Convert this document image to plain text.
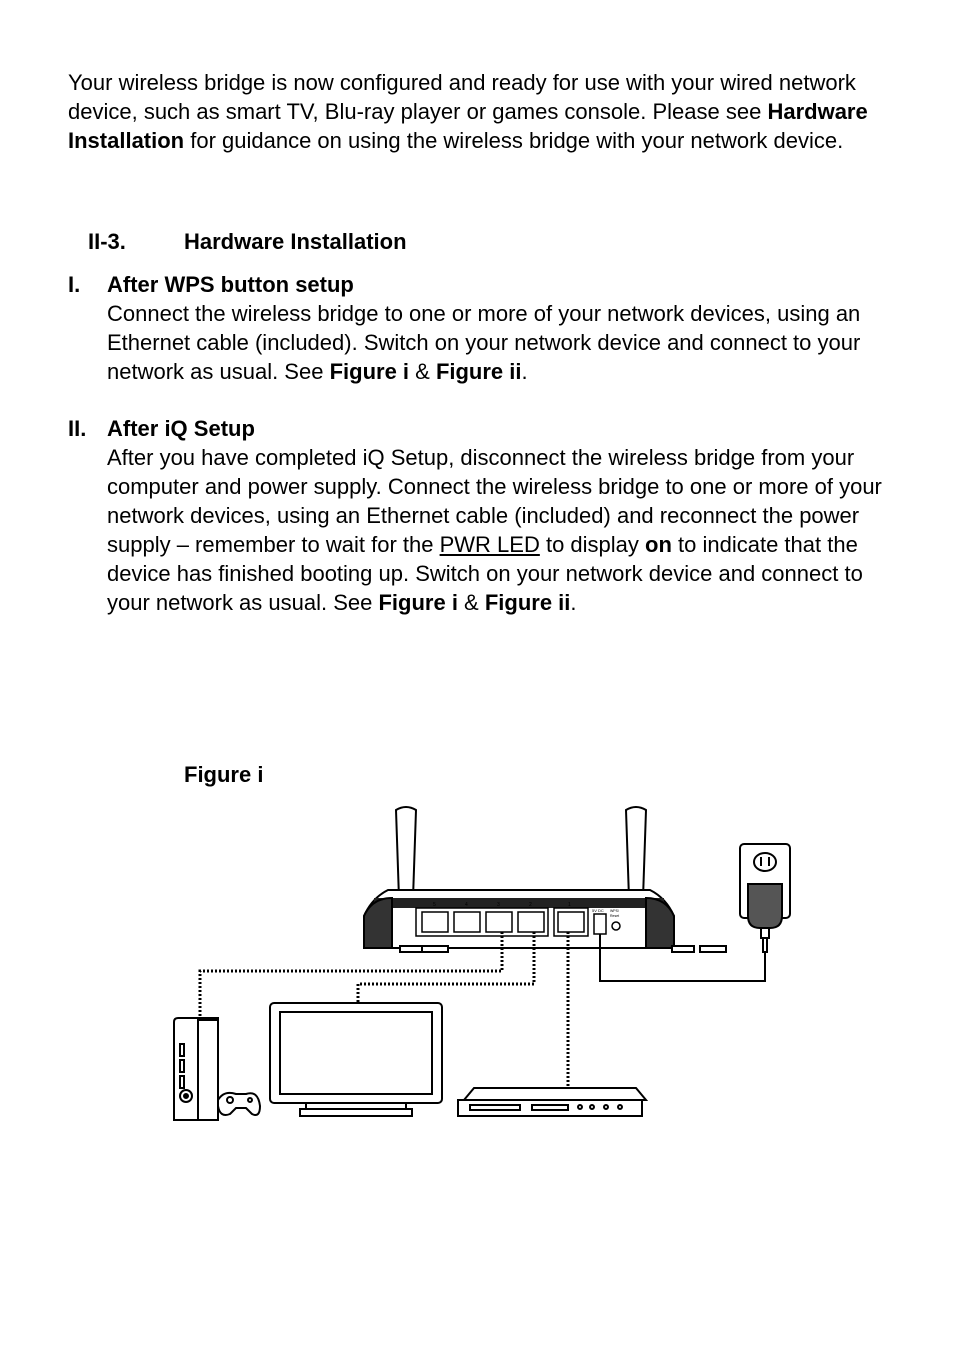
Your wireless bridge is now configured and ready for use with your wired network device, such as smart TV, Blu-ray player or games console. Please see Hardware Installation for guidance on using the wireless bridge with your network device.

II-3.	Hardware Installation

I. After WPS button setup

Connect the wireless bridge to one or more of your network devices, using an Ethernet cable (included). Switch on your network device and connect to your network as usual. See Figure i & Figure ii.

II. After iQ Setup

After you have completed iQ Setup, disconnect the wireless bridge from your computer and power supply. Connect the wireless bridge to one or more of your network devices, using an Ethernet cable (included) and reconnect the power supply – remember to wait for the PWR LED to display on to indicate that the device has finished booting up. Switch on your network device and connect to your network as usual. See Figure i & Figure ii.

Figure i

5	4	3	2	1
5V DC WPS/
Reset
